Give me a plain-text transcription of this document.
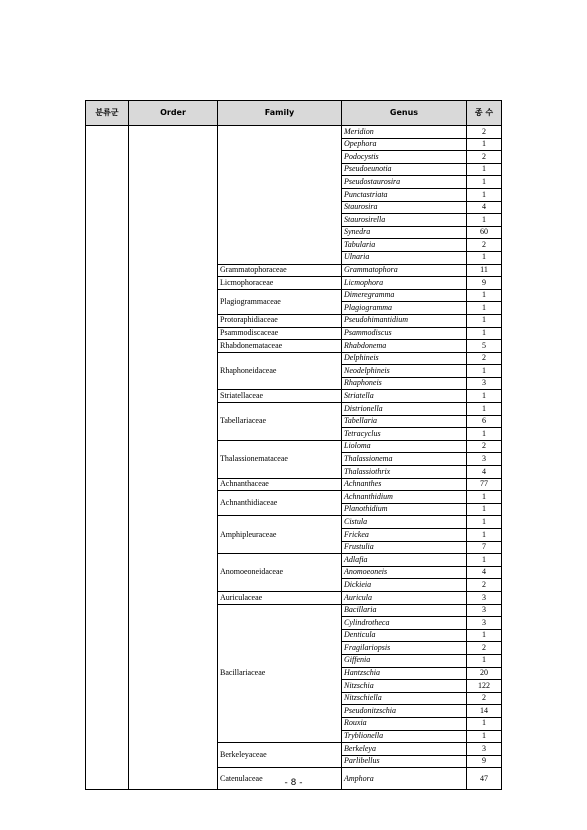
분류군	Order	Family	Genus	종 수
			Meridion	2
			Opephora	1
			Podocystis	2
			Pseudoeunotia	1
			Pseudostaurosira	1
			Punctastriata	1
			Staurosira	4
			Staurosirella	1
			Synedra	60
			Tabularia	2
			Ulnaria	1
		Grammatophoraceae	Grammatophora	11
		Licmophoraceae	Licmophora	9
		Plagiogrammaceae	Dimeregramma	1
			Plagiogramma	1
		Protoraphidiaceae	Pseudohimantidium	1
		Psammodiscaceae	Psammodiscus	1
		Rhabdonemataceae	Rhabdonema	5
		Rhaphoneidaceae	Delphineis	2
			Neodelphineis	1
			Rhaphoneis	3
		Striatellaceae	Striatella	1
		Tabellariaceae	Distrionella	1
			Tabellaria	6
			Tetracyclus	1
		Thalassionemataceae	Lioloma	2
			Thalassionema	3
			Thalassiothrix	4
		Achnanthaceae	Achnanthes	77
		Achnanthidiaceae	Achnanthidium	1
			Planothidium	1
		Amphipleuraceae	Cistula	1
			Frickea	1
			Frustulia	7
		Anomoeoneidaceae	Adlafia	1
			Anomoeoneis	4
			Dickieia	2
		Auriculaceae	Auricula	3
		Bacillariaceae	Bacillaria	3
			Cylindrotheca	3
			Denticula	1
			Fragilariopsis	2
			Giffenia	1
			Hantzschia	20
			Nitzschia	122
			Nitzschiella	2
			Pseudonitzschia	14
			Rouxia	1
			Tryblionella	1
		Berkeleyaceae	Berkeleya	3
			Parlibellus	9
		Catenulaceae	Amphora	47
- 8 -
